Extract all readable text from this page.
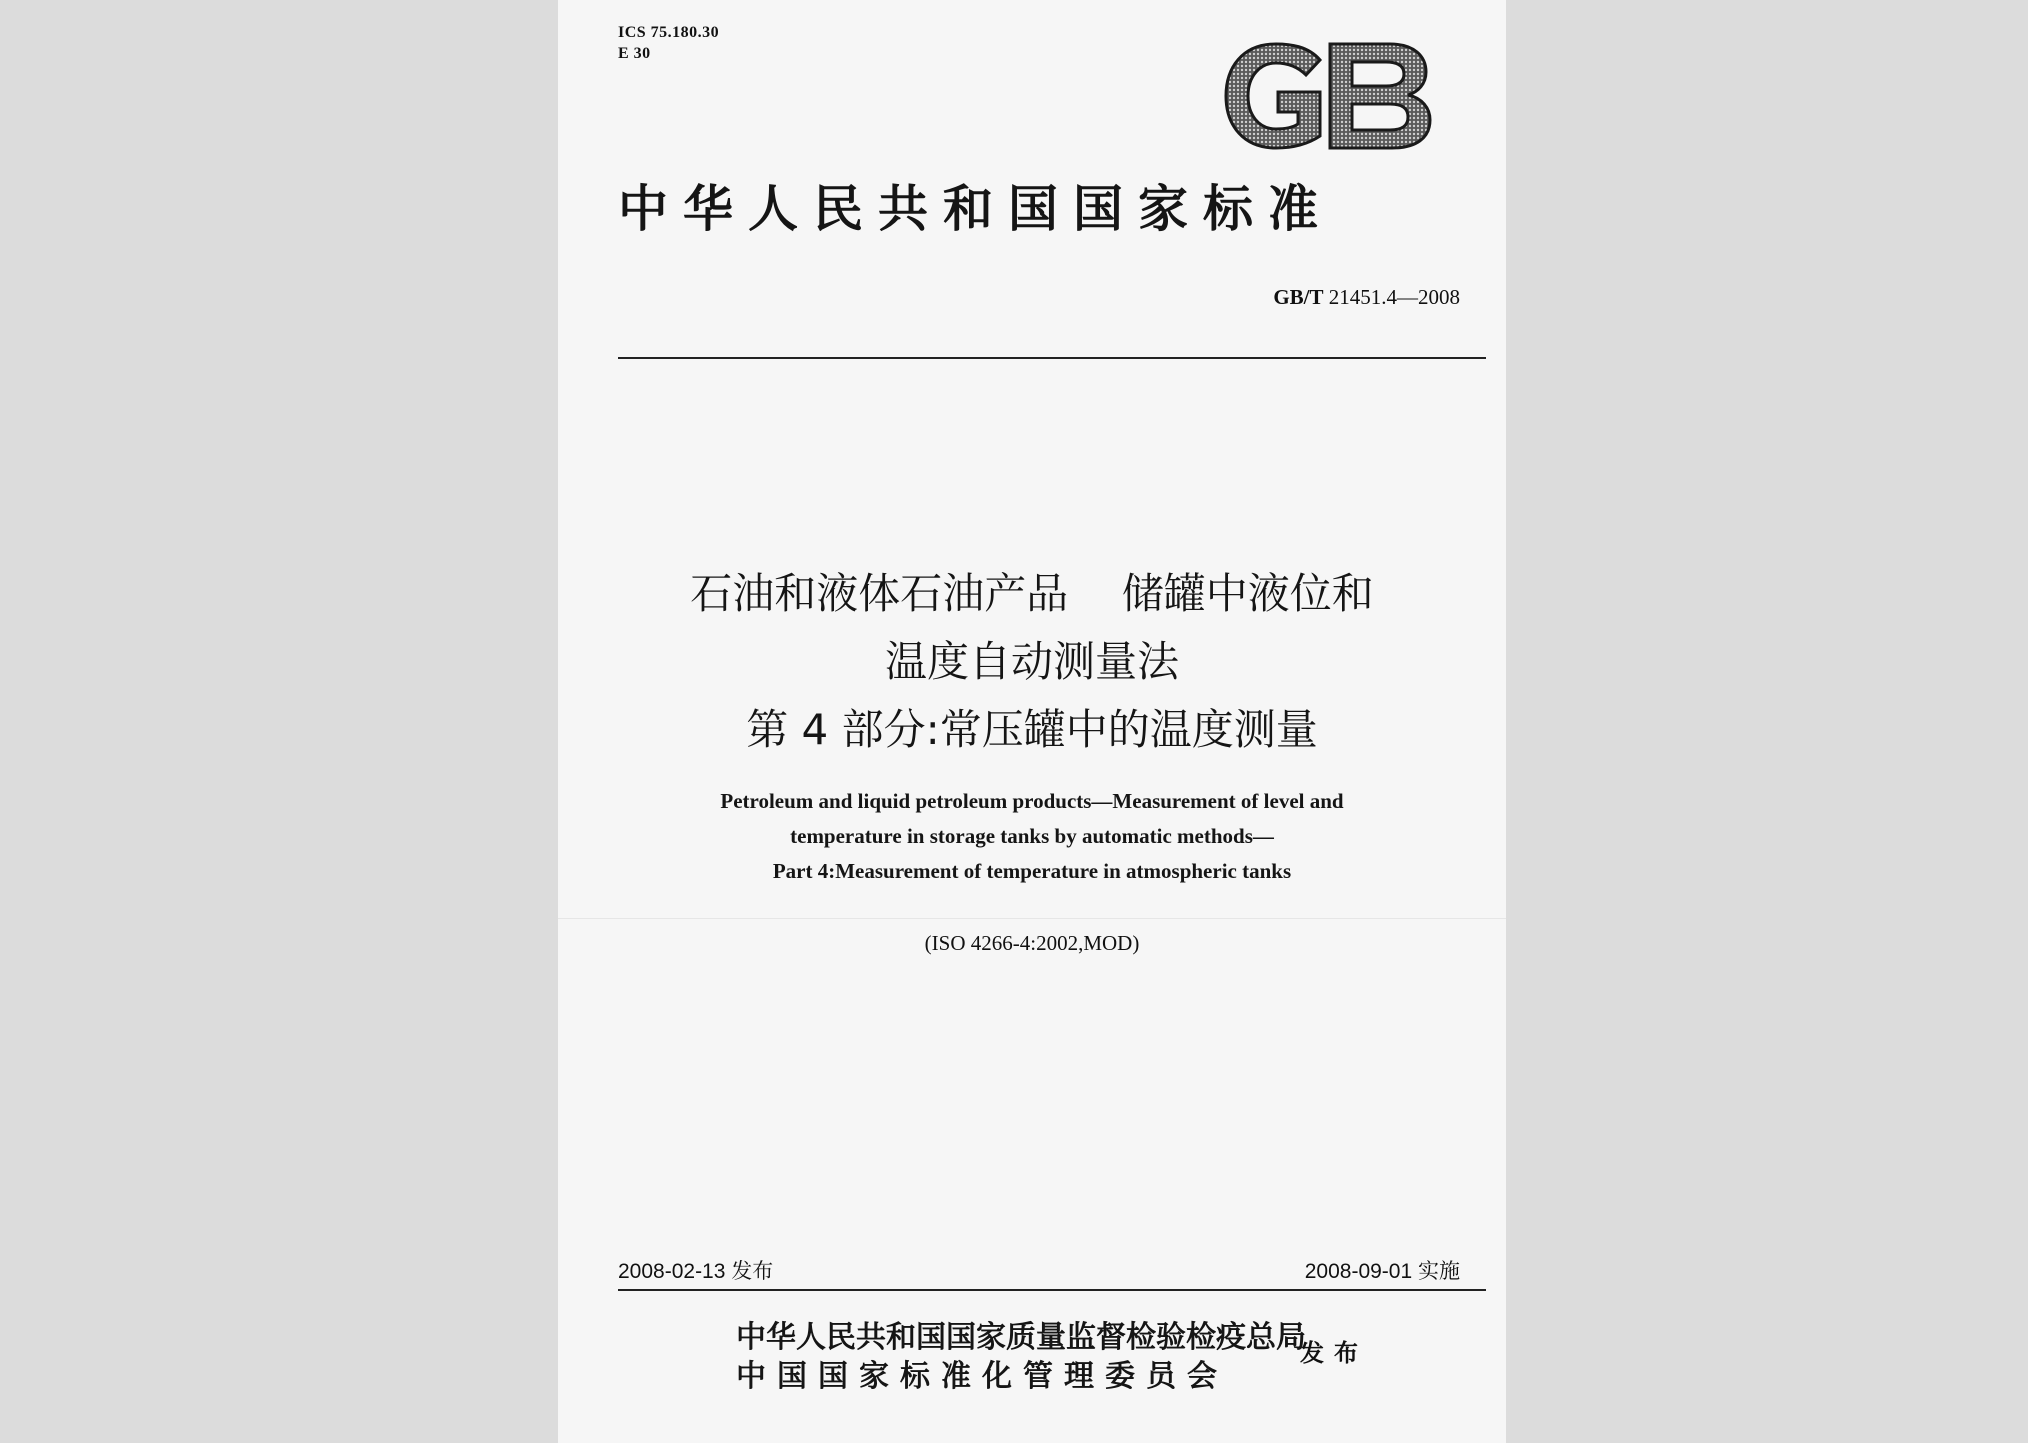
ICS 75.180.30
E 30
中华人民共和国国家标准
GB/T 21451.4—2008
石油和液体石油产品    储罐中液位和
温度自动测量法
第 4 部分:常压罐中的温度测量
Petroleum and liquid petroleum products—Measurement of level and
temperature in storage tanks by automatic methods—
Part 4:Measurement of temperature in atmospheric tanks
(ISO 4266-4:2002,MOD)
2008-02-13 发布	2008-09-01 实施
中华人民共和国国家质量监督检验检疫总局
中国国家标准化管理委员会
发布
